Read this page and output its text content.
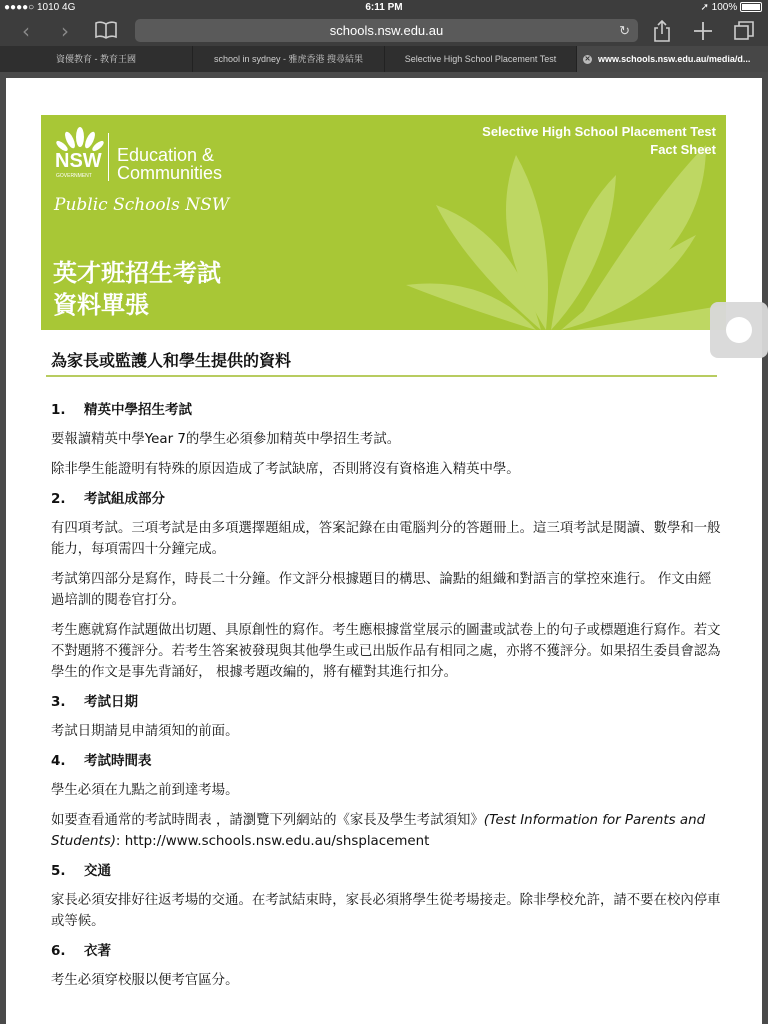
●●●●○ 1010 4G	6:11 PM	➚ 100%
‹	›	schools.nsw.edu.au	↻
資優教育 - 教育王國	school in sydney - 雅虎香港 搜尋結果	Selective High School Placement Test	✕ www.schools.nsw.edu.au/media/d...
Selective High School Placement Test
Fact Sheet
NSW
GOVERNMENT
Education &
Communities
Public Schools NSW
英才班招生考試
資料單張
為家長或監護人和學生提供的資料
1. 精英中學招生考試

要報讀精英中學Year 7的學生必須參加精英中學招生考試。

除非學生能證明有特殊的原因造成了考試缺席，否則將沒有資格進入精英中學。

2. 考試組成部分

有四項考試。三項考試是由多項選擇題組成，答案記錄在由電腦判分的答題冊上。這三項考試是閱讀、數學和一般能力，每項需四十分鐘完成。

考試第四部分是寫作，時長二十分鐘。作文評分根據題目的構思、論點的組織和對語言的掌控來進行。 作文由經過培訓的閱卷官打分。

考生應就寫作試題做出切題、具原創性的寫作。考生應根據當堂展示的圖畫或試卷上的句子或標題進行寫作。若文不對題將不獲評分。若考生答案被發現與其他學生或已出版作品有相同之處，亦將不獲評分。如果招生委員會認為學生的作文是事先背誦好， 根據考題改編的，將有權對其進行扣分。

3. 考試日期

考試日期請見申請須知的前面。

4. 考試時間表

學生必須在九點之前到達考場。

如要查看通常的考試時間表 ，請瀏覽下列網站的《家長及學生考試須知》(Test Information for Parents and Students): http://www.schools.nsw.edu.au/shsplacement

5. 交通

家長必須安排好往返考場的交通。在考試結束時，家長必須將學生從考場接走。除非學校允許，請不要在校內停車或等候。

6. 衣著

考生必須穿校服以便考官區分。
